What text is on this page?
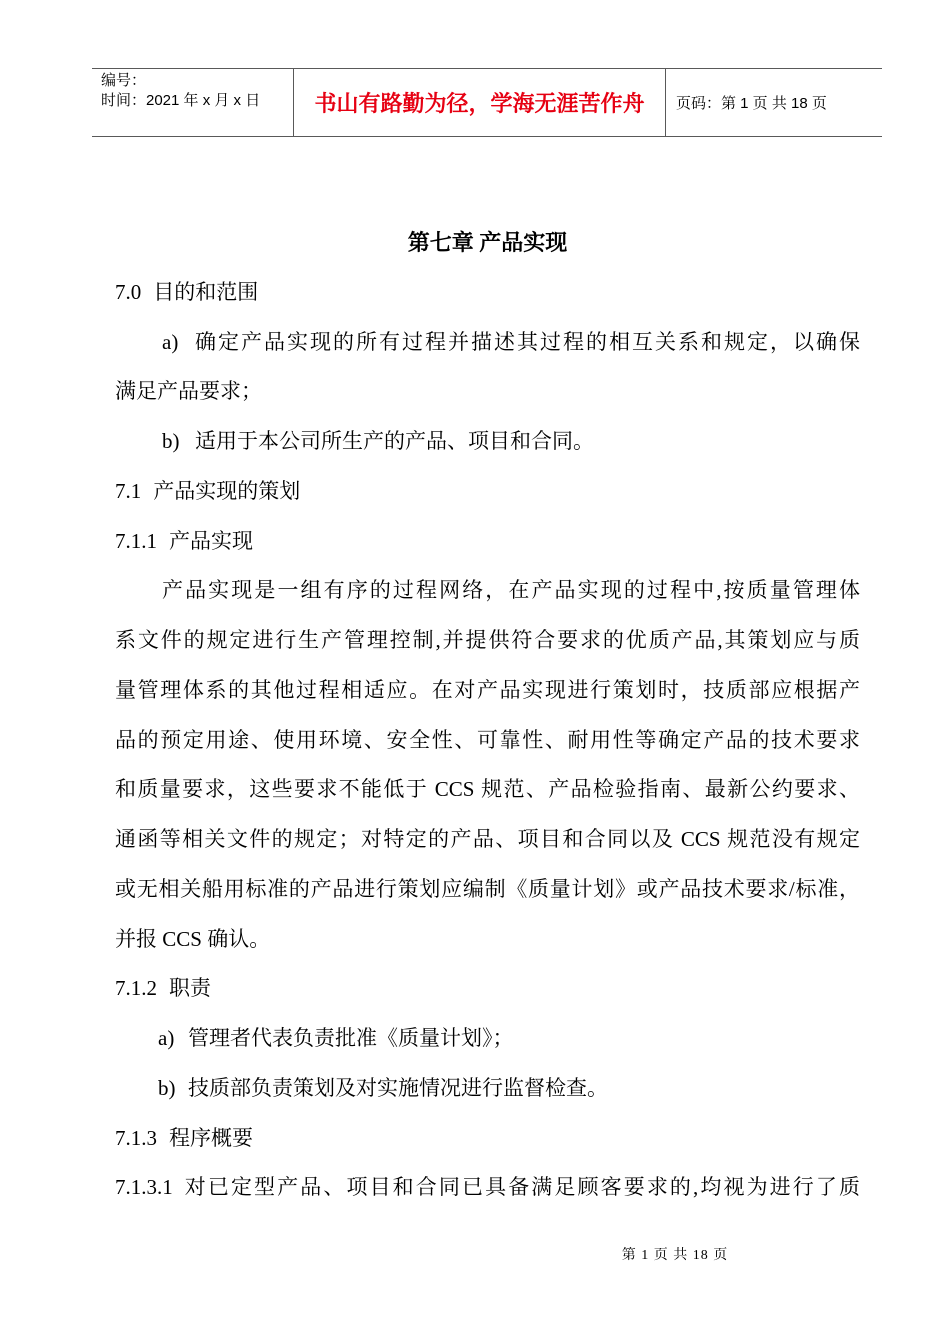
编号：
时间：2021 年 x 月 x 日	书山有路勤为径，学海无涯苦作舟	页码：第 1 页 共 18 页
第七章 产品实现
7.0 目的和范围
a) 确定产品实现的所有过程并描述其过程的相互关系和规定，以确保
满足产品要求；
b) 适用于本公司所生产的产品、项目和合同。
7.1 产品实现的策划
7.1.1 产品实现
产品实现是一组有序的过程网络，在产品实现的过程中,按质量管理体
系文件的规定进行生产管理控制,并提供符合要求的优质产品,其策划应与质
量管理体系的其他过程相适应。在对产品实现进行策划时，技质部应根据产
品的预定用途、使用环境、安全性、可靠性、耐用性等确定产品的技术要求
和质量要求，这些要求不能低于 CCS 规范、产品检验指南、最新公约要求、
通函等相关文件的规定；对特定的产品、项目和合同以及 CCS 规范没有规定
或无相关船用标准的产品进行策划应编制《质量计划》或产品技术要求/标准，
并报 CCS 确认。
7.1.2 职责
a) 管理者代表负责批准《质量计划》；
b) 技质部负责策划及对实施情况进行监督检查。
7.1.3 程序概要
7.1.3.1 对已定型产品、项目和合同已具备满足顾客要求的,均视为进行了质
第 1 页 共 18 页
